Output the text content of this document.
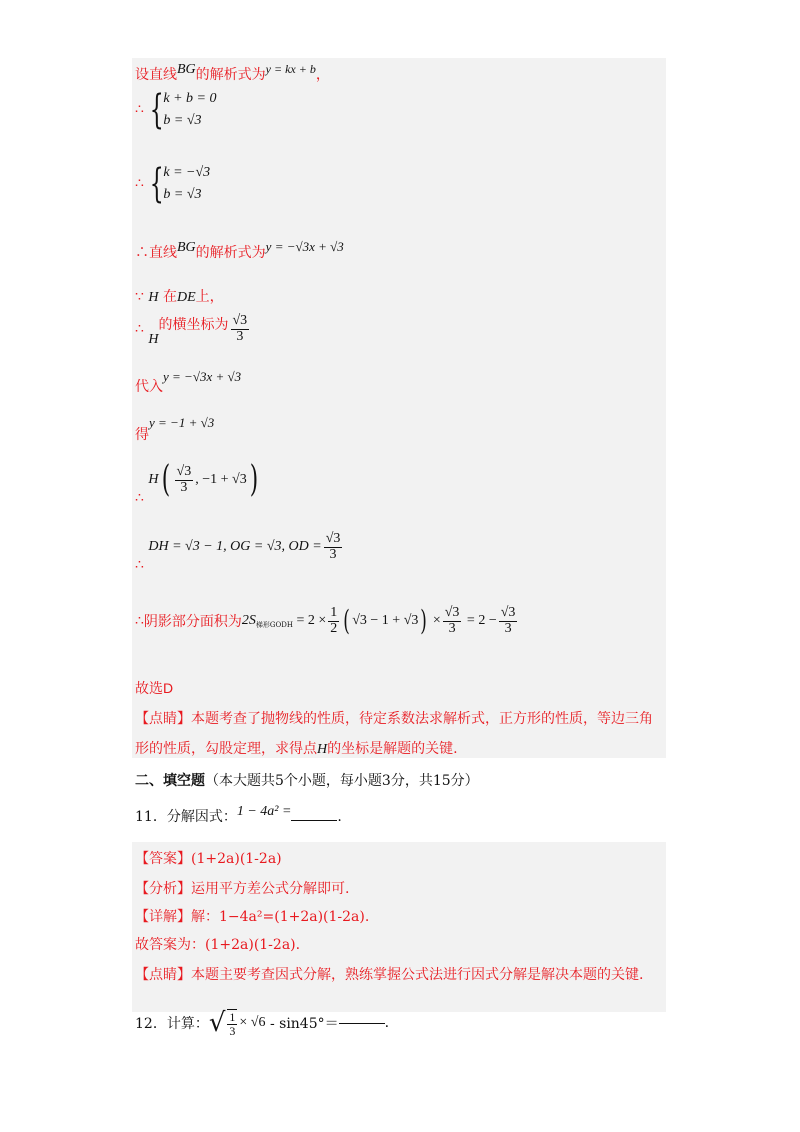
设直线BG的解析式为y = kx + b，
∴ {k + b = 0
b = √3
∴ {k = −√3
b = √3
∴直线BG的解析式为y = −√3x + √3
∵ H 在DE上，
∴ H的横坐标为 $\frac{√3}{3}$
代入y = −√3x + √3
得y = −1 + √3
∴ $H( \frac{√3}{3}$ , −1 + √3)
∴ DH = √3 − 1, OG = √3, OD = $\frac{√3}{3}$
∴阴影部分面积为$2S_{梯形GODH} = 2 \times \frac{1}{2}$ ( $√3 - 1 + √3) \times \frac{√3}{3} = 2 - \frac{√3}{3}$
故选D
【点睛】本题考查了抛物线的性质，待定系数法求解析式，正方形的性质，等边三角
形的性质，勾股定理，求得点H的坐标是解题的关键.
二、填空题（本大题共5个小题，每小题3分，共15分）
11．分解因式：1 − 4a² =	.
【答案】(1+2a)(1-2a)
【分析】运用平方差公式分解即可.
【详解】解：1−4a²=(1+2a)(1-2a).
故答案为：(1+2a)(1-2a).
【点睛】本题主要考查因式分解，熟练掌握公式法进行因式分解是解决本题的关键.
12．计算：√ $\frac{1}{3} \times √6 - \sin 45^\circ=$	.
